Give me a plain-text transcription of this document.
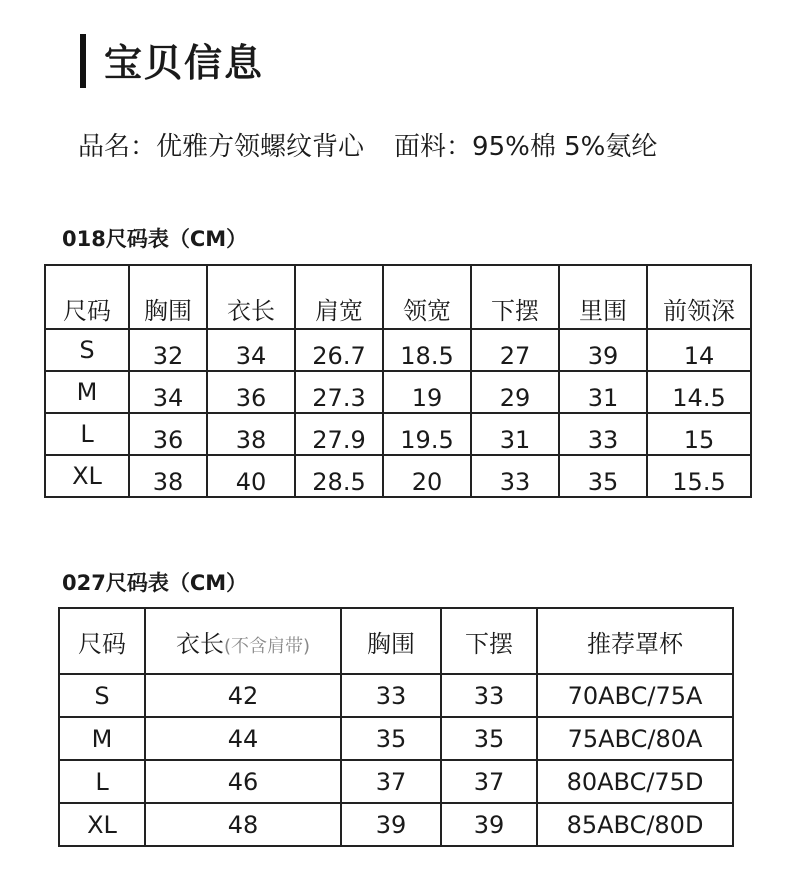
宝贝信息
品名：优雅方领螺纹背心 面料：95%棉 5%氨纶
018尺码表（CM）
尺码	胸围	衣长	肩宽	领宽	下摆	里围	前领深
S	32	34	26.7	18.5	27	39	14
M	34	36	27.3	19	29	31	14.5
L	36	38	27.9	19.5	31	33	15
XL	38	40	28.5	20	33	35	15.5
027尺码表（CM）
尺码	衣长(不含肩带)	胸围	下摆	推荐罩杯
S	42	33	33	70ABC/75A
M	44	35	35	75ABC/80A
L	46	37	37	80ABC/75D
XL	48	39	39	85ABC/80D
